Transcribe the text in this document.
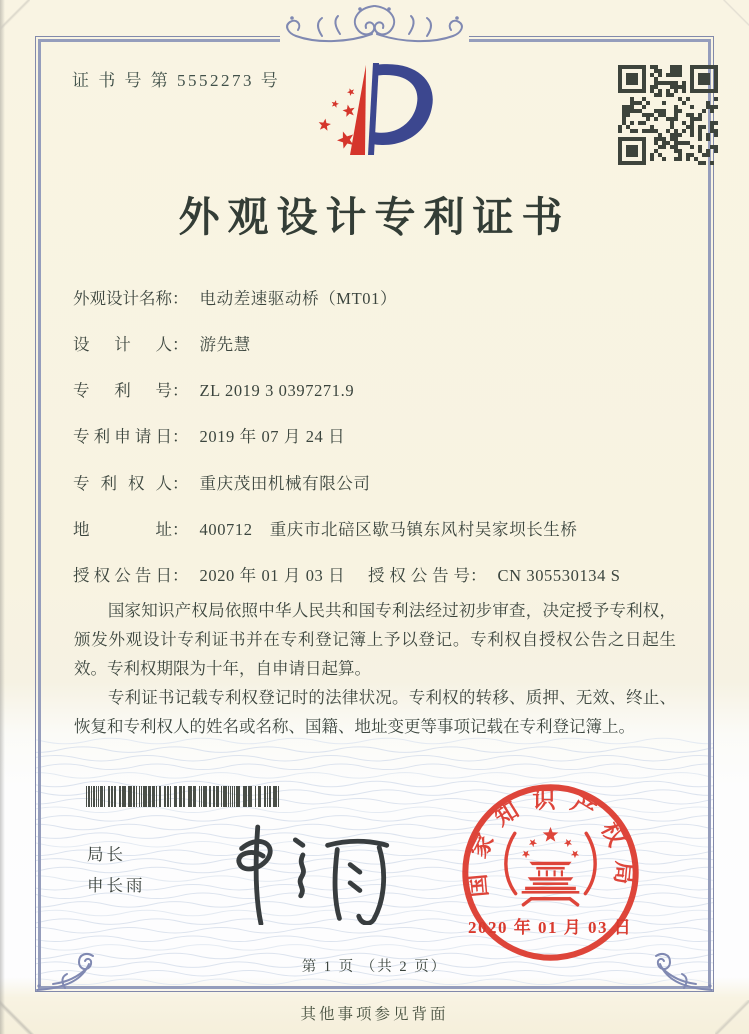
证 书 号 第 5552273 号
外观设计专利证书
外观设计名称： 电动差速驱动桥（MT01）
设计人： 游先慧
专利号： ZL 2019 3 0397271.9
专利申请日： 2019 年 07 月 24 日
专利权人： 重庆茂田机械有限公司
地址： 400712　重庆市北碚区歇马镇东风村吴家坝长生桥
授权公告日： 2020 年 01 月 03 日 授权公告号： CN 305530134 S

国家知识产权局依照中华人民共和国专利法经过初步审查，决定授予专利权，颁发外观设计专利证书并在专利登记簿上予以登记。专利权自授权公告之日起生效。专利权期限为十年，自申请日起算。

专利证书记载专利权登记时的法律状况。专利权的转移、质押、无效、终止、恢复和专利权人的姓名或名称、国籍、地址变更等事项记载在专利登记簿上。

局长
申长雨	国家知识产权局
2020 年 01 月 03 日
第 1 页 （共 2 页）
其他事项参见背面
